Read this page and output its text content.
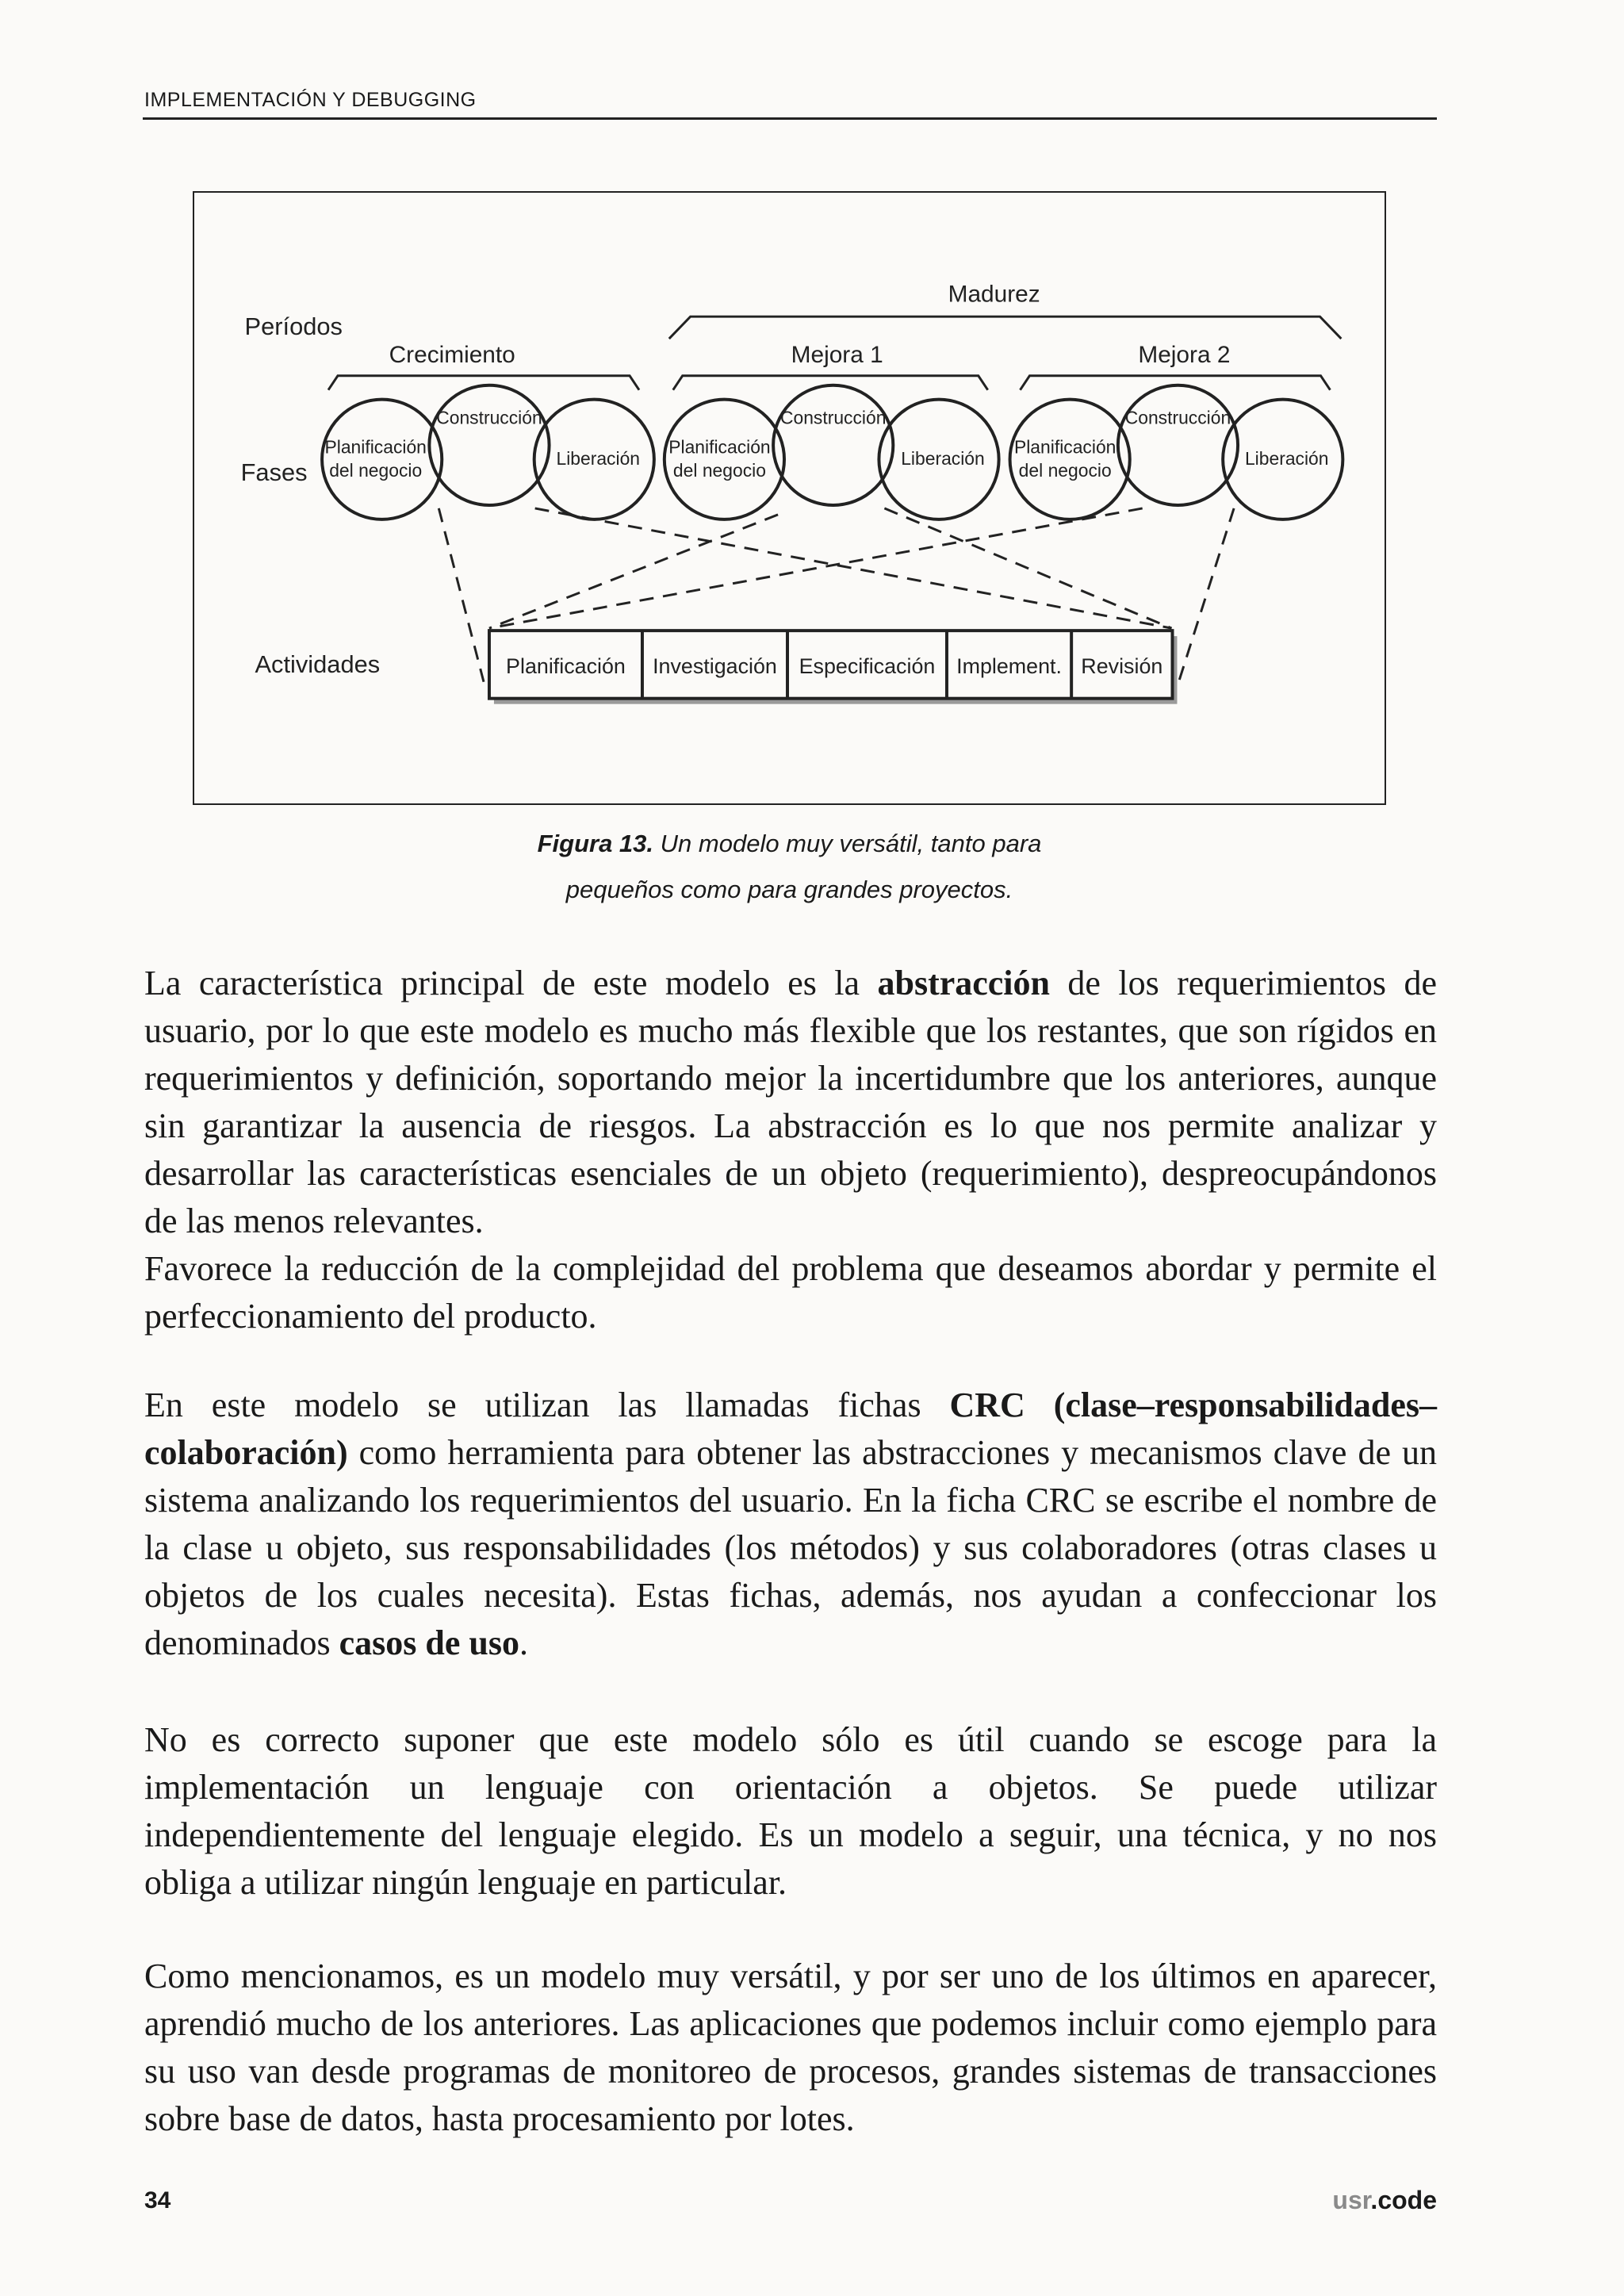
IMPLEMENTACIÓN Y DEBUGGING
Períodos
Fases
Actividades
Madurez
Crecimiento	Mejora 1	Mejora 2
Planificación
del negocio
Construcción
Liberación
Planificación
del negocio
Construcción
Liberación
Planificación
del negocio
Construcción
Liberación
Planificación Investigación Especificación Implement. Revisión
Figura 13. Un modelo muy versátil, tanto para
pequeños como para grandes proyectos.

La característica principal de este modelo es la abstracción de los requerimientos de usuario, por lo que este modelo es mucho más flexible que los restantes, que son rígidos en requerimientos y definición, soportando mejor la incertidumbre que los anteriores, aunque sin garantizar la ausencia de riesgos. La abstracción es lo que nos permite analizar y desarrollar las características esenciales de un objeto (requerimiento), despreocupándonos de las menos relevantes.

Favorece la reducción de la complejidad del problema que deseamos abordar y permite el perfeccionamiento del producto.

En este modelo se utilizan las llamadas fichas CRC (clase–responsabilidades–colaboración) como herramienta para obtener las abstracciones y mecanismos clave de un sistema analizando los requerimientos del usuario. En la ficha CRC se escribe el nombre de la clase u objeto, sus responsabilidades (los métodos) y sus colaboradores (otras clases u objetos de los cuales necesita). Estas fichas, además, nos ayudan a confeccionar los denominados casos de uso.

No es correcto suponer que este modelo sólo es útil cuando se escoge para la implementación un lenguaje con orientación a objetos. Se puede utilizar independientemente del lenguaje elegido. Es un modelo a seguir, una técnica, y no nos obliga a utilizar ningún lenguaje en particular.

Como mencionamos, es un modelo muy versátil, y por ser uno de los últimos en aparecer, aprendió mucho de los anteriores. Las aplicaciones que podemos incluir como ejemplo para su uso van desde programas de monitoreo de procesos, grandes sistemas de transacciones sobre base de datos, hasta procesamiento por lotes.

34	usr.code
